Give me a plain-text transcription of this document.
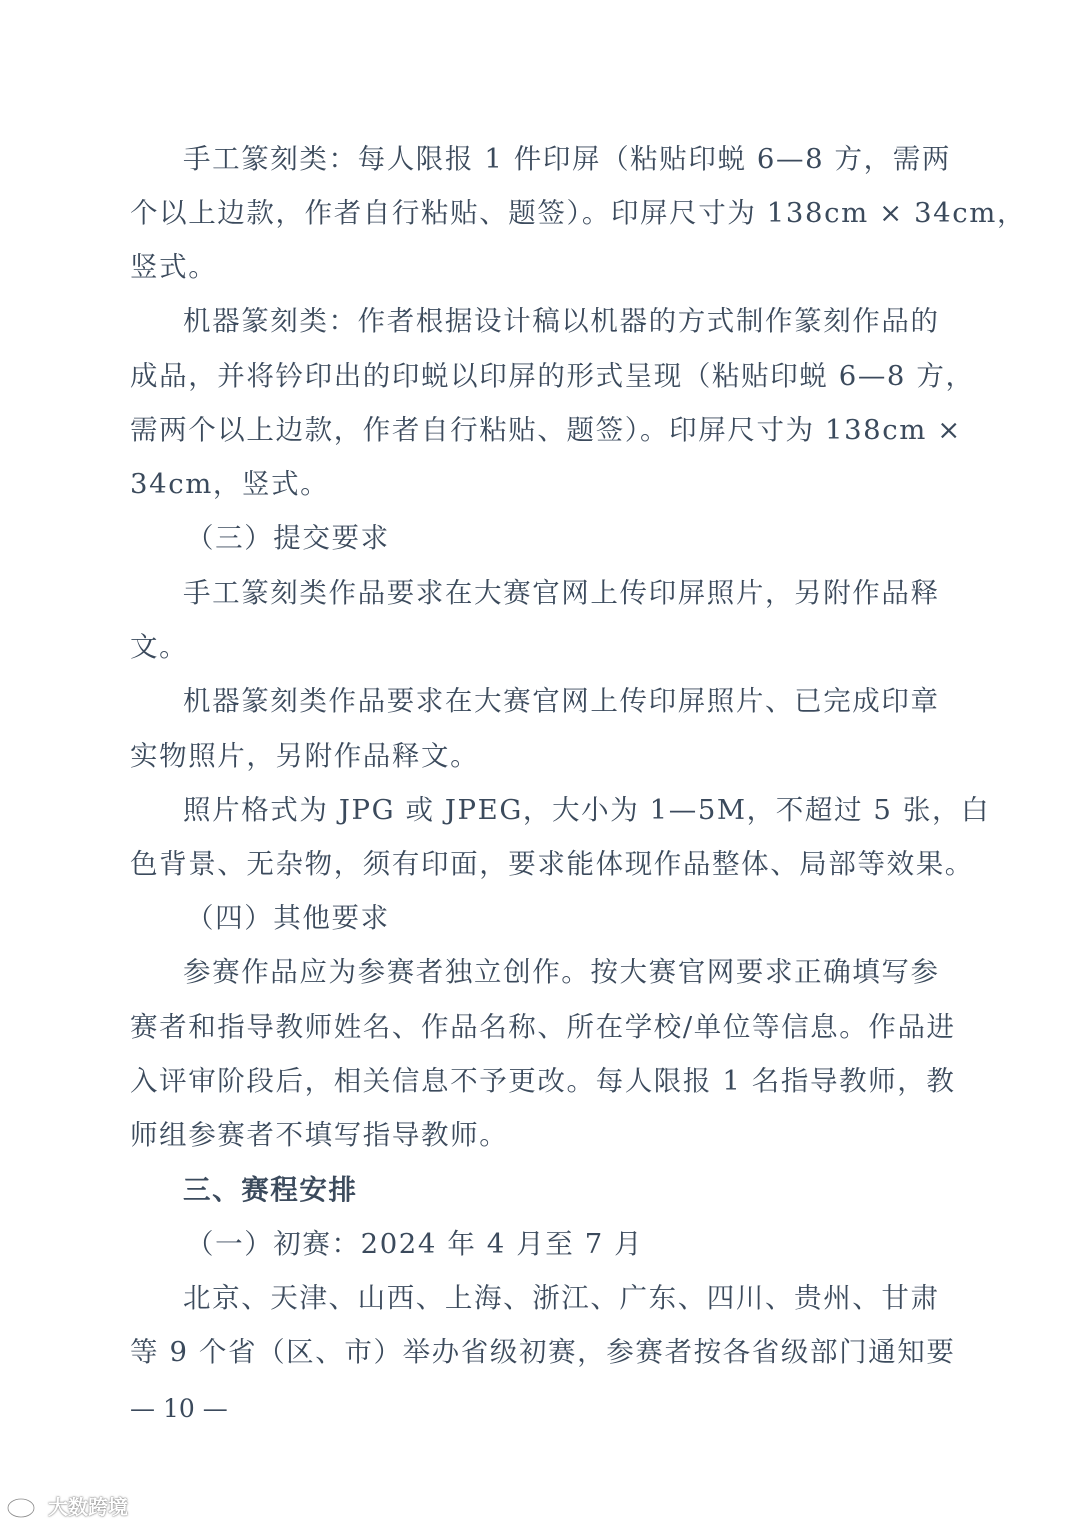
手工篆刻类：每人限报 1 件印屏（粘贴印蜕 6—8 方，需两
个以上边款，作者自行粘贴、题签）。印屏尺寸为 138cm × 34cm，
竖式。
机器篆刻类：作者根据设计稿以机器的方式制作篆刻作品的
成品，并将钤印出的印蜕以印屏的形式呈现（粘贴印蜕 6—8 方，
需两个以上边款，作者自行粘贴、题签）。印屏尺寸为 138cm ×
34cm，竖式。
（三）提交要求
手工篆刻类作品要求在大赛官网上传印屏照片，另附作品释
文。
机器篆刻类作品要求在大赛官网上传印屏照片、已完成印章
实物照片，另附作品释文。
照片格式为 JPG 或 JPEG，大小为 1—5M，不超过 5 张，白
色背景、无杂物，须有印面，要求能体现作品整体、局部等效果。
（四）其他要求
参赛作品应为参赛者独立创作。按大赛官网要求正确填写参
赛者和指导教师姓名、作品名称、所在学校/单位等信息。作品进
入评审阶段后，相关信息不予更改。每人限报 1 名指导教师，教
师组参赛者不填写指导教师。
三、赛程安排
（一）初赛：2024 年 4 月至 7 月
北京、天津、山西、上海、浙江、广东、四川、贵州、甘肃
等 9 个省（区、市）举办省级初赛，参赛者按各省级部门通知要
— 10 —
大数跨境
